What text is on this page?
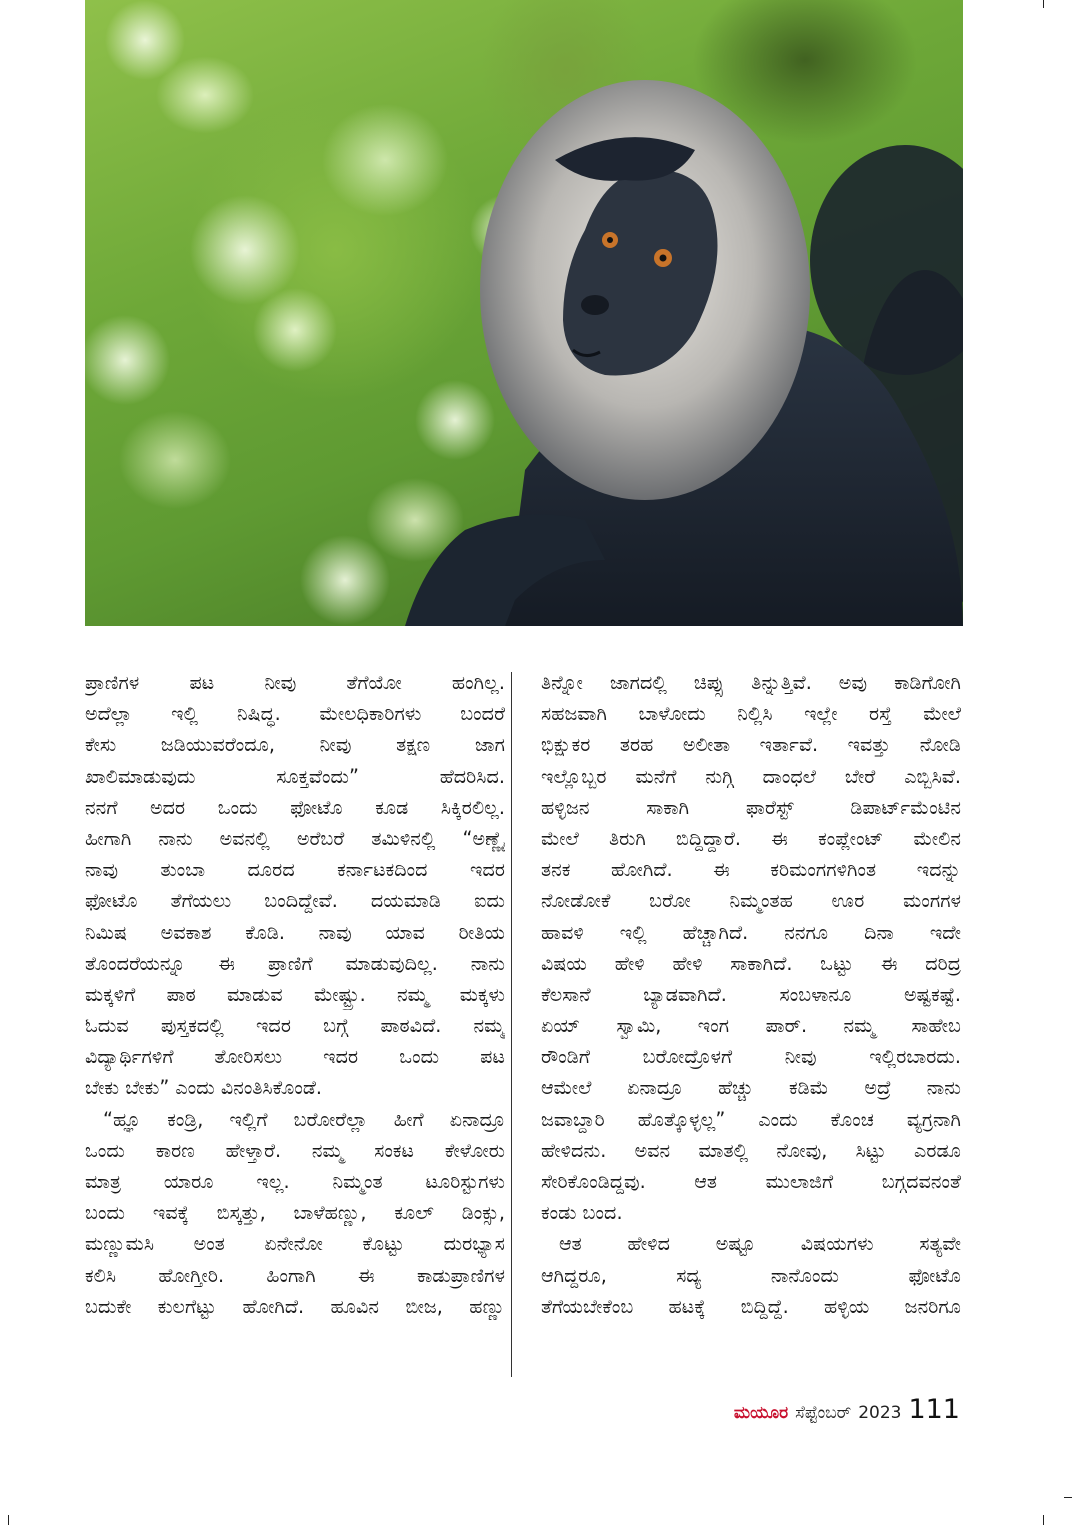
ಪ್ರಾಣಿಗಳ ಪಟ ನೀವು ತೆಗೆಯೋ ಹಂಗಿಲ್ಲ.
ಅದೆಲ್ಲಾ ಇಲ್ಲಿ ನಿಷಿದ್ಧ. ಮೇಲಧಿಕಾರಿಗಳು ಬಂದರೆ
ಕೇಸು ಜಡಿಯುವರೆಂದೂ, ನೀವು ತಕ್ಷಣ ಜಾಗ
ಖಾಲಿಮಾಡುವುದು ಸೂಕ್ತವೆಂದು” ಹೆದರಿಸಿದ.
ನನಗೆ ಅದರ ಒಂದು ಫೋಟೊ ಕೂಡ ಸಿಕ್ಕಿರಲಿಲ್ಲ.
ಹೀಗಾಗಿ ನಾನು ಅವನಲ್ಲಿ ಅರೆಬರೆ ತಮಿಳಿನಲ್ಲಿ “ಅಣ್ಣೈ
ನಾವು ತುಂಬಾ ದೂರದ ಕರ್ನಾಟಕದಿಂದ ಇದರ
ಫೋಟೊ ತೆಗೆಯಲು ಬಂದಿದ್ದೇವೆ. ದಯಮಾಡಿ ಐದು
ನಿಮಿಷ ಅವಕಾಶ ಕೊಡಿ. ನಾವು ಯಾವ ರೀತಿಯ
ತೊಂದರೆಯನ್ನೂ ಈ ಪ್ರಾಣಿಗೆ ಮಾಡುವುದಿಲ್ಲ. ನಾನು
ಮಕ್ಕಳಿಗೆ ಪಾಠ ಮಾಡುವ ಮೇಷ್ಟ್ರು. ನಮ್ಮ ಮಕ್ಕಳು
ಓದುವ ಪುಸ್ತಕದಲ್ಲಿ ಇದರ ಬಗ್ಗೆ ಪಾಠವಿದೆ. ನಮ್ಮ
ವಿದ್ಯಾರ್ಥಿಗಳಿಗೆ ತೋರಿಸಲು ಇದರ ಒಂದು ಪಟ
ಬೇಕು ಬೇಕು” ಎಂದು ವಿನಂತಿಸಿಕೊಂಡೆ.
“ಹ್ಞೂ ಕಂಡ್ರಿ, ಇಲ್ಲಿಗೆ ಬರೋರೆಲ್ಲಾ ಹೀಗೆ ಏನಾದ್ರೂ
ಒಂದು ಕಾರಣ ಹೇಳ್ತಾರೆ. ನಮ್ಮ ಸಂಕಟ ಕೇಳೋರು
ಮಾತ್ರ ಯಾರೂ ಇಲ್ಲ. ನಿಮ್ಮಂತ ಟೂರಿಸ್ಟುಗಳು
ಬಂದು ಇವಕ್ಕೆ ಬಿಸ್ಕತ್ತು, ಬಾಳೆಹಣ್ಣು, ಕೂಲ್ ಡಿಂಕ್ಸು,
ಮಣ್ಣುಮಸಿ ಅಂತ ಏನೇನೋ ಕೊಟ್ಟು ದುರಭ್ಯಾಸ
ಕಲಿಸಿ ಹೋಗ್ತೀರಿ. ಹಿಂಗಾಗಿ ಈ ಕಾಡುಪ್ರಾಣಿಗಳ
ಬದುಕೇ ಕುಲಗೆಟ್ಟು ಹೋಗಿದೆ. ಹೂವಿನ ಬೀಜ, ಹಣ್ಣು
ತಿನ್ನೋ ಜಾಗದಲ್ಲಿ ಚಿಪ್ಸು ತಿನ್ನುತ್ತಿವೆ. ಅವು ಕಾಡಿಗೋಗಿ
ಸಹಜವಾಗಿ ಬಾಳೋದು ನಿಲ್ಲಿಸಿ ಇಲ್ಲೇ ರಸ್ತೆ ಮೇಲೆ
ಭಿಕ್ಷುಕರ ತರಹ ಅಲೀತಾ ಇರ್ತಾವೆ. ಇವತ್ತು ನೋಡಿ
ಇಲ್ಲೊಬ್ಬರ ಮನೆಗೆ ನುಗ್ಗಿ ದಾಂಧಲೆ ಬೇರೆ ಎಬ್ಬಿಸಿವೆ.
ಹಳ್ಳಿಜನ ಸಾಕಾಗಿ ಫಾರೆಸ್ಟ್ ಡಿಪಾರ್ಟ್‌ಮೆಂಟಿನ
ಮೇಲೆ ತಿರುಗಿ ಬಿದ್ದಿದ್ದಾರೆ. ಈ ಕಂಪ್ಲೇಂಟ್ ಮೇಲಿನ
ತನಕ ಹೋಗಿದೆ. ಈ ಕರಿಮಂಗಗಳಿಗಿಂತ ಇದನ್ನು
ನೋಡೋಕೆ ಬರೋ ನಿಮ್ಮಂತಹ ಊರ ಮಂಗಗಳ
ಹಾವಳಿ ಇಲ್ಲಿ ಹೆಚ್ಚಾಗಿದೆ. ನನಗೂ ದಿನಾ ಇದೇ
ವಿಷಯ ಹೇಳಿ ಹೇಳಿ ಸಾಕಾಗಿದೆ. ಒಟ್ಟು ಈ ದರಿದ್ರ
ಕೆಲಸಾನೆ ಬ್ಯಾಡವಾಗಿದೆ. ಸಂಬಳಾನೂ ಅಷ್ಟಕಷ್ಟೆ.
ಏಯ್ ಸ್ವಾಮಿ, ಇಂಗ ಪಾರ್. ನಮ್ಮ ಸಾಹೇಬ
ರೌಂಡಿಗೆ ಬರೋದ್ರೊಳಗೆ ನೀವು ಇಲ್ಲಿರಬಾರದು.
ಆಮೇಲೆ ಏನಾದ್ರೂ ಹೆಚ್ಚು ಕಡಿಮೆ ಅದ್ರೆ ನಾನು
ಜವಾಬ್ದಾರಿ ಹೊತ್ಕೊಳ್ಳಲ್ಲ” ಎಂದು ಕೊಂಚ ವ್ಯಗ್ರನಾಗಿ
ಹೇಳಿದನು. ಅವನ ಮಾತಲ್ಲಿ ನೋವು, ಸಿಟ್ಟು ಎರಡೂ
ಸೇರಿಕೊಂಡಿದ್ದವು. ಆತ ಮುಲಾಜಿಗೆ ಬಗ್ಗದವನಂತೆ
ಕಂಡು ಬಂದ.
ಆತ ಹೇಳಿದ ಅಷ್ಟೂ ವಿಷಯಗಳು ಸತ್ಯವೇ
ಆಗಿದ್ದರೂ, ಸದ್ಯ ನಾನೊಂದು ಫೋಟೊ
ತೆಗೆಯಬೇಕೆಂಬ ಹಟಕ್ಕೆ ಬಿದ್ದಿದ್ದೆ. ಹಳ್ಳಿಯ ಜನರಿಗೂ
ಮಯೂರ ಸೆಪ್ಟೆಂಬರ್ 2023 111
